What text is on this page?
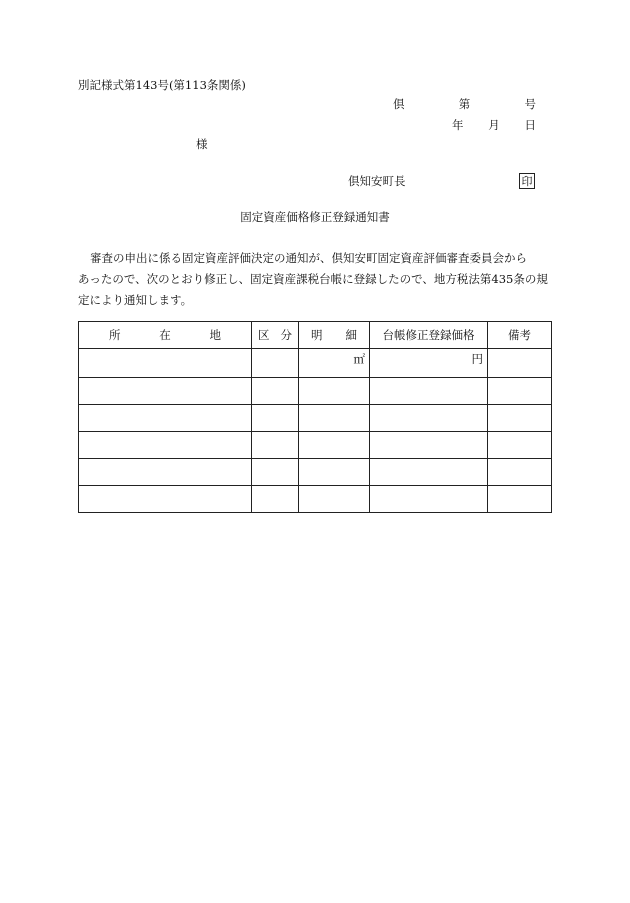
別記様式第143号(第113条関係)
倶	第	号
年 月 日
様
倶知安町長	印
固定資産価格修正登録通知書
審査の申出に係る固定資産評価決定の通知が、倶知安町固定資産評価審査委員会から
あったので、次のとおり修正し、固定資産課税台帳に登録したので、地方税法第435条の規
定により通知します。
所 在 地	区 分	明 細	台帳修正登録価格	備考
		㎡	円	
